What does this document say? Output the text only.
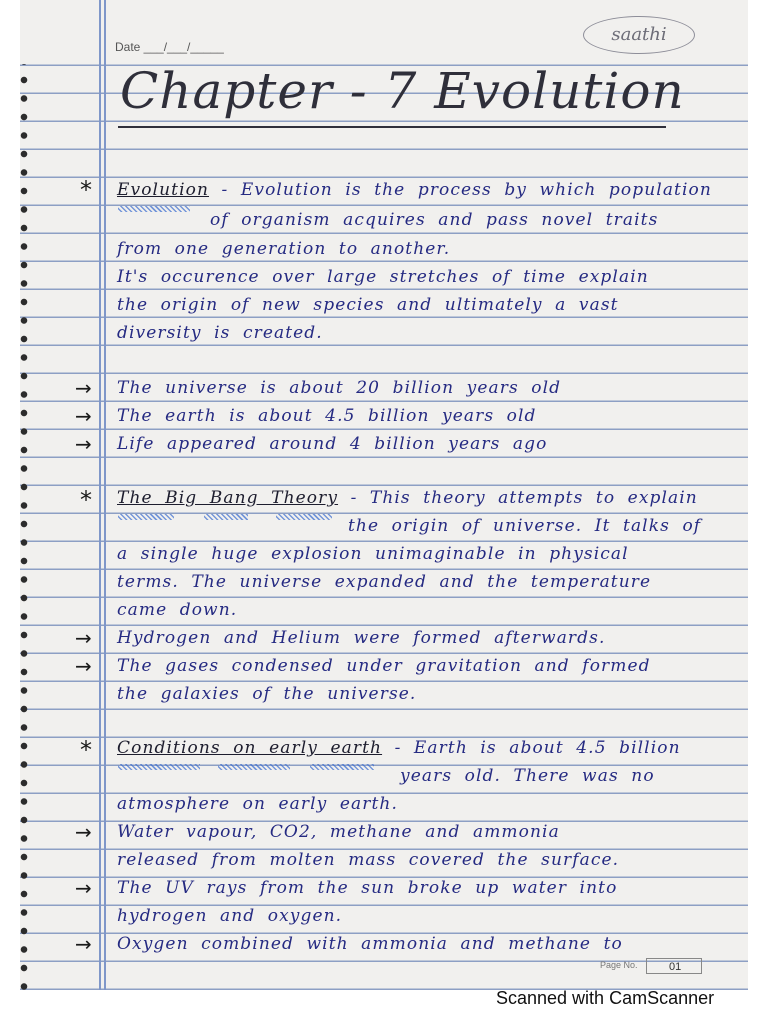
Date ___/___/_____
saathi
Chapter - 7 Evolution
* Evolution - Evolution is the process by which population
of organism acquires and pass novel traits
from one generation to another.
It's occurence over large stretches of time explain
the origin of new species and ultimately a vast
diversity is created.
→ The universe is about 20 billion years old
→ The earth is about 4.5 billion years old
→ Life appeared around 4 billion years ago
* The Big Bang Theory - This theory attempts to explain
the origin of universe. It talks of
a single huge explosion unimaginable in physical
terms. The universe expanded and the temperature
came down.
→ Hydrogen and Helium were formed afterwards.
→ The gases condensed under gravitation and formed
the galaxies of the universe.
* Conditions on early earth - Earth is about 4.5 billion
years old. There was no
atmosphere on early earth.
→ Water vapour, CO2, methane and ammonia
released from molten mass covered the surface.
→ The UV rays from the sun broke up water into
hydrogen and oxygen.
→ Oxygen combined with ammonia and methane to
Page No.	01
Scanned with CamScanner
